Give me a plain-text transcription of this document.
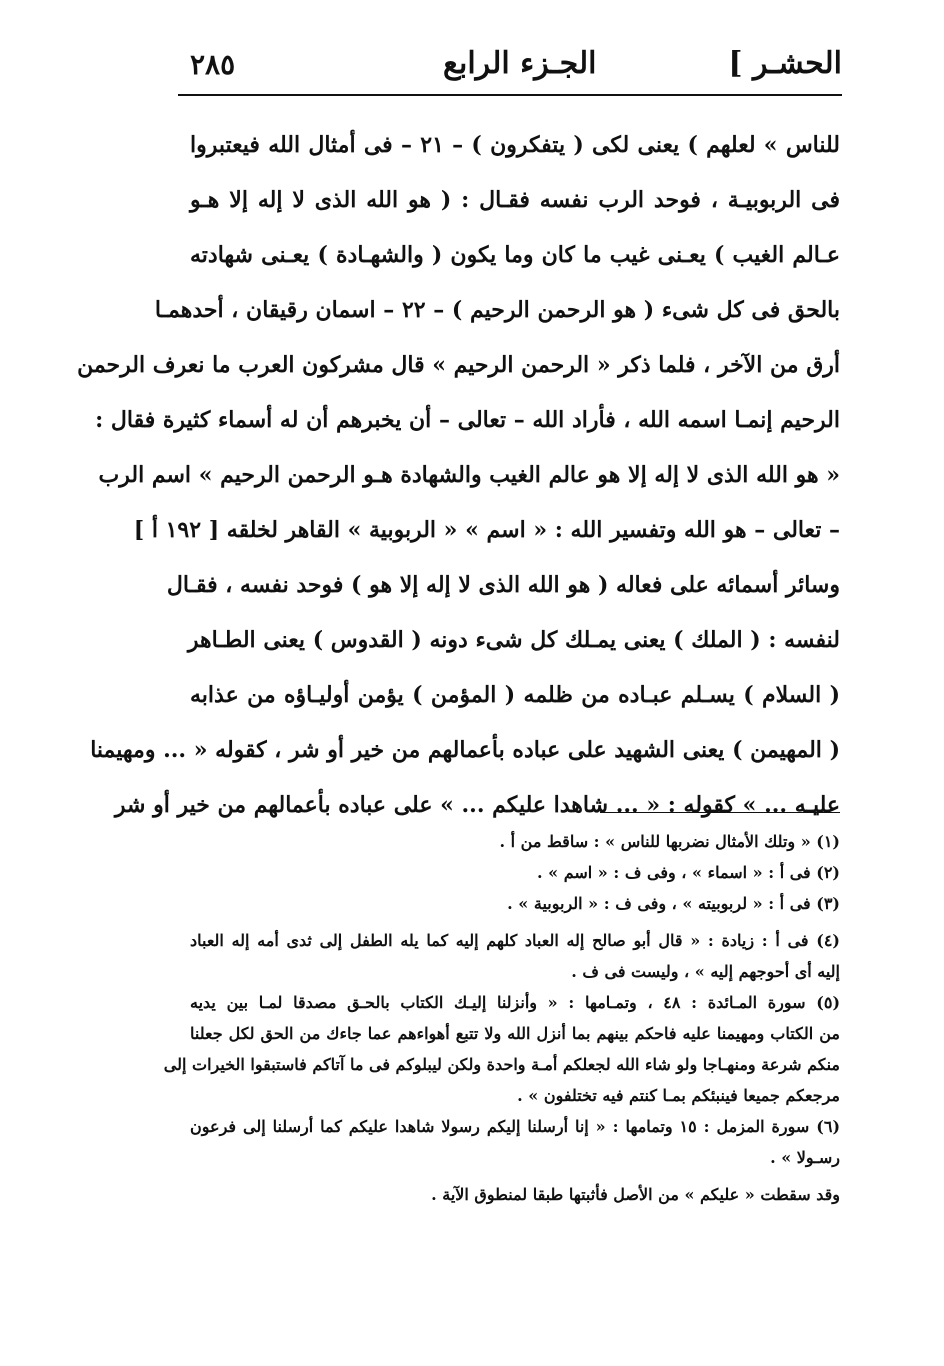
الحشـر ]
الجـزء الرابع
٢٨٥
للناس » لعلهم ) يعنى لكى ( يتفكرون ) – ٢١ – فى أمثال الله فيعتبروا
فى الربوبيـة ، فوحد الرب نفسه فقـال : ( هو الله الذى لا إله إلا هـو
عـالم الغيب ) يعـنى غيب ما كان وما يكون ( والشهـادة ) يعـنى شهادته
بالحق فى كل شىء ( هو الرحمن الرحيم ) – ٢٢ – اسمان رقيقان ، أحدهمـا
أرق من الآخر ، فلما ذكر « الرحمن الرحيم » قال مشركون العرب ما نعرف الرحمن
الرحيم إنمـا اسمه الله ، فأراد الله – تعالى – أن يخبرهم أن له أسماء كثيرة فقال :
« هو الله الذى لا إله إلا هو عالم الغيب والشهادة هـو الرحمن الرحيم » اسم الرب
– تعالى – هو الله وتفسير الله : « اسم » « الربوبية » القاهر لخلقه [ ١٩٢ أ ]
وسائر أسمائه على فعاله ( هو الله الذى لا إله إلا هو ) فوحد نفسه ، فقـال
لنفسه : ( الملك ) يعنى يمـلك كل شىء دونه ( القدوس ) يعنى الطـاهر
( السلام ) يسـلم عبـاده من ظلمه ( المؤمن ) يؤمن أوليـاؤه من عذابه
( المهيمن ) يعنى الشهيد على عباده بأعمالهم من خير أو شر ، كقوله « ... ومهيمنا
عليـه ... » كقوله : « ... شاهدا عليكم ... » على عباده بأعمالهم من خير أو شر
(١) « وتلك الأمثال نضربها للناس » : ساقط من أ .
(٢) فى أ : « اسماء » ، وفى ف : « اسم » .
(٣) فى أ : « لربوبيته » ، وفى ف : « الربوبية » .
(٤) فى أ : زيادة : « قال أبو صالح إله العباد كلهم إليه كما يله الطفل إلى ثدى أمه إله العباد
إليه أى أحوجهم إليه » ، وليست فى ف .
(٥) سورة المـائدة : ٤٨ ، وتمـامها : « وأنزلنا إليـك الكتاب بالحـق مصدقا لمـا بين يديه
من الكتاب ومهيمنا عليه فاحكم بينهم بما أنزل الله ولا تتبع أهواءهم عما جاءك من الحق لكل جعلنا
منكم شرعة ومنهـاجا ولو شاء الله لجعلكم أمـة واحدة ولكن ليبلوكم فى ما آتاكم فاستبقوا الخيرات إلى
مرجعكم جميعا فينبئكم بمـا كنتم فيه تختلفون » .
(٦) سورة المزمل : ١٥ وتمامها : « إنا أرسلنا إليكم رسولا شاهدا عليكم كما أرسلنا إلى فرعون
رسـولا » .
وقد سقطت « عليكم » من الأصل فأثبتها طبقا لمنطوق الآية .
